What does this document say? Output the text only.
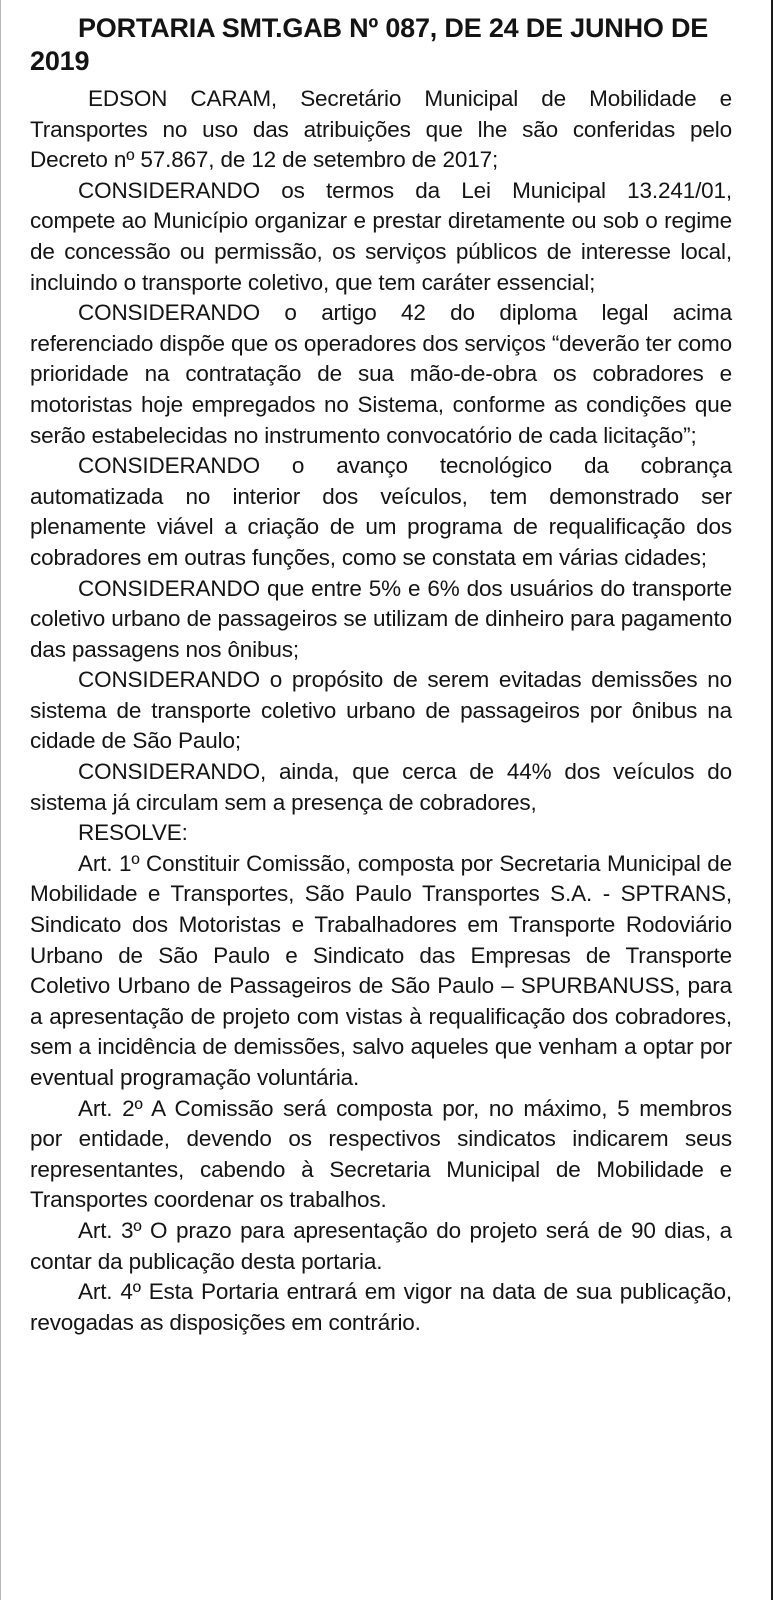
PORTARIA SMT.GAB Nº 087, DE 24 DE JUNHO DE 2019

EDSON CARAM, Secretário Municipal de Mobilidade e Transportes no uso das atribuições que lhe são conferidas pelo Decreto nº 57.867, de 12 de setembro de 2017;

CONSIDERANDO os termos da Lei Municipal 13.241/01, compete ao Município organizar e prestar diretamente ou sob o regime de concessão ou permissão, os serviços públicos de interesse local, incluindo o transporte coletivo, que tem caráter essencial;

CONSIDERANDO o artigo 42 do diploma legal acima referenciado dispõe que os operadores dos serviços “deverão ter como prioridade na contratação de sua mão-de-obra os cobradores e motoristas hoje empregados no Sistema, conforme as condições que serão estabelecidas no instrumento convocatório de cada licitação”;

CONSIDERANDO o avanço tecnológico da cobrança automatizada no interior dos veículos, tem demonstrado ser plenamente viável a criação de um programa de requalificação dos cobradores em outras funções, como se constata em várias cidades;

CONSIDERANDO que entre 5% e 6% dos usuários do transporte coletivo urbano de passageiros se utilizam de dinheiro para pagamento das passagens nos ônibus;

CONSIDERANDO o propósito de serem evitadas demissões no sistema de transporte coletivo urbano de passageiros por ônibus na cidade de São Paulo;

CONSIDERANDO, ainda, que cerca de 44% dos veículos do sistema já circulam sem a presença de cobradores,

RESOLVE:

Art. 1º Constituir Comissão, composta por Secretaria Municipal de Mobilidade e Transportes, São Paulo Transportes S.A. - SPTRANS, Sindicato dos Motoristas e Trabalhadores em Transporte Rodoviário Urbano de São Paulo e Sindicato das Empresas de Transporte Coletivo Urbano de Passageiros de São Paulo – SPURBANUSS, para a apresentação de projeto com vistas à requalificação dos cobradores, sem a incidência de demissões, salvo aqueles que venham a optar por eventual programação voluntária.

Art. 2º A Comissão será composta por, no máximo, 5 membros por entidade, devendo os respectivos sindicatos indicarem seus representantes, cabendo à Secretaria Municipal de Mobilidade e Transportes coordenar os trabalhos.

Art. 3º O prazo para apresentação do projeto será de 90 dias, a contar da publicação desta portaria.

Art. 4º Esta Portaria entrará em vigor na data de sua publicação, revogadas as disposições em contrário.
